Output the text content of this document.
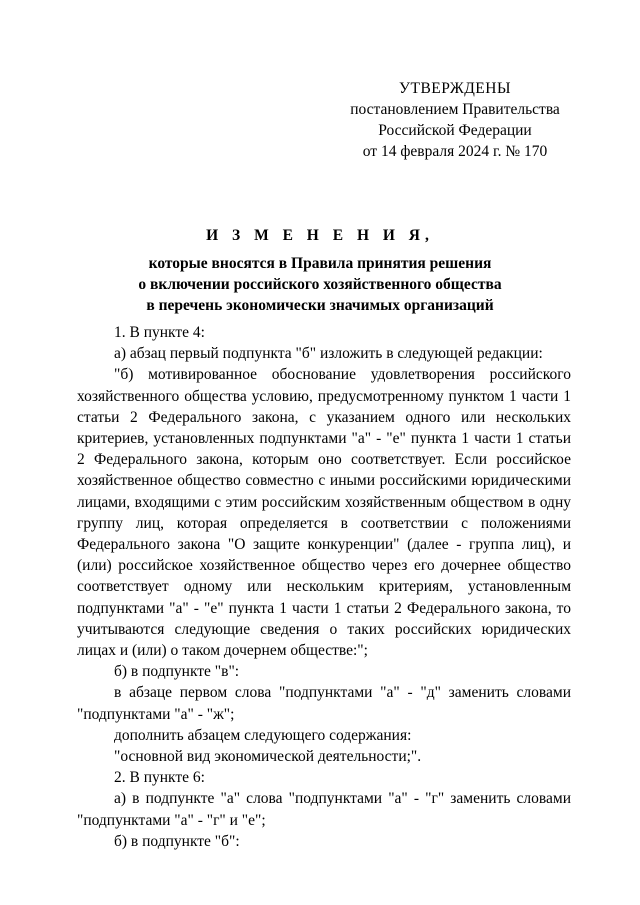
УТВЕРЖДЕНЫ
постановлением Правительства
Российской Федерации
от 14 февраля 2024 г. № 170
И З М Е Н Е Н И Я,
которые вносятся в Правила принятия решения
о включении российского хозяйственного общества
в перечень экономически значимых организаций

1. В пункте 4:

а) абзац первый подпункта "б" изложить в следующей редакции:

"б) мотивированное обоснование удовлетворения российского хозяйственного общества условию, предусмотренному пунктом 1 части 1 статьи 2 Федерального закона, с указанием одного или нескольких критериев, установленных подпунктами "а" - "е" пункта 1 части 1 статьи 2 Федерального закона, которым оно соответствует. Если российское хозяйственное общество совместно с иными российскими юридическими лицами, входящими с этим российским хозяйственным обществом в одну группу лиц, которая определяется в соответствии с положениями Федерального закона "О защите конкуренции" (далее - группа лиц), и (или) российское хозяйственное общество через его дочернее общество соответствует одному или нескольким критериям, установленным подпунктами "а" - "е" пункта 1 части 1 статьи 2 Федерального закона, то учитываются следующие сведения о таких российских юридических лицах и (или) о таком дочернем обществе:";

б) в подпункте "в":

в абзаце первом слова "подпунктами "а" - "д" заменить словами "подпунктами "а" - "ж";

дополнить абзацем следующего содержания:

"основной вид экономической деятельности;".

2. В пункте 6:

а) в подпункте "а" слова "подпунктами "а" - "г" заменить словами "подпунктами "а" - "г" и "е";

б) в подпункте "б":
